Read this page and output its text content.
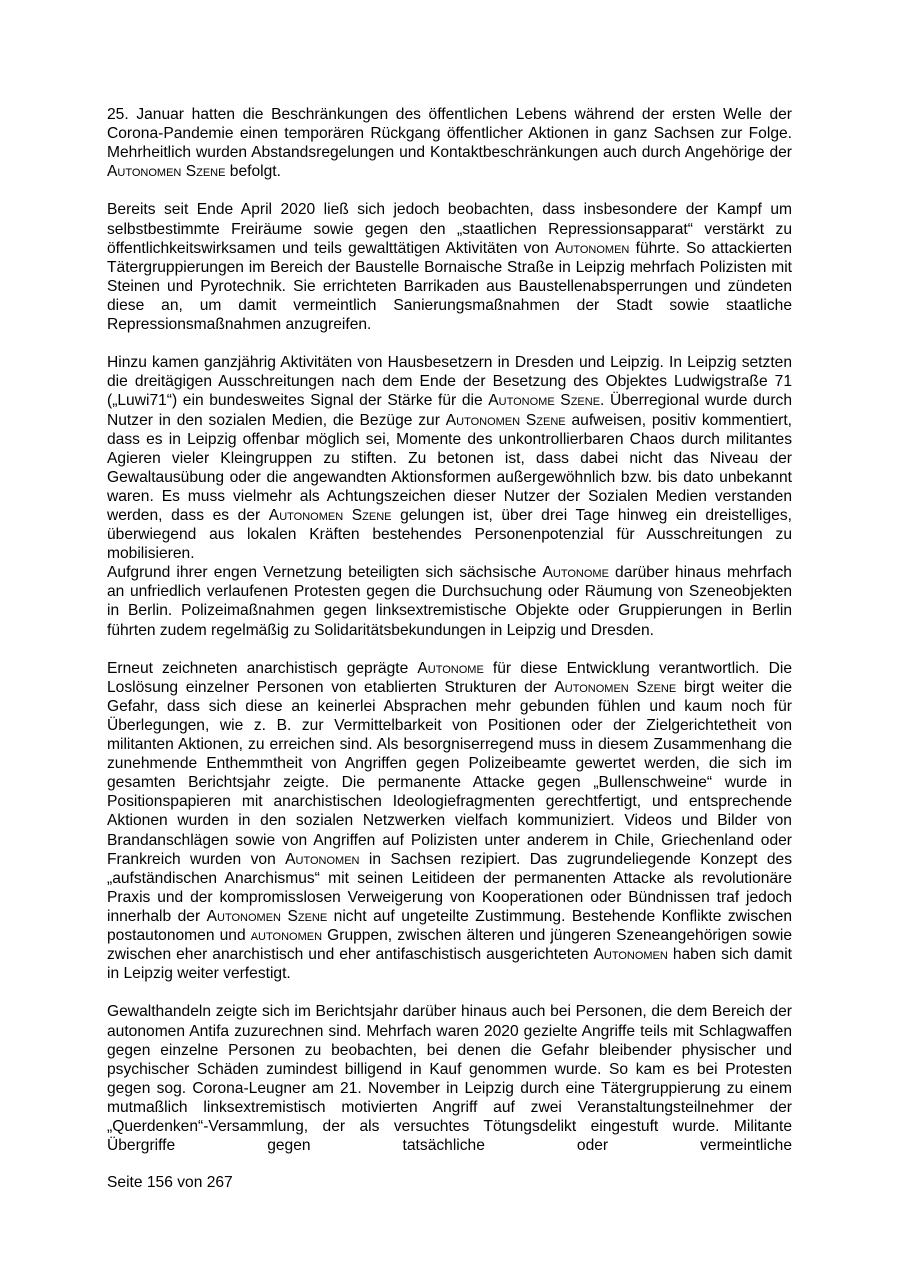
25. Januar hatten die Beschränkungen des öffentlichen Lebens während der ersten Welle der Corona-Pandemie einen temporären Rückgang öffentlicher Aktionen in ganz Sachsen zur Folge. Mehrheitlich wurden Abstandsregelungen und Kontaktbeschränkungen auch durch Angehörige der Autonomen Szene befolgt.

Bereits seit Ende April 2020 ließ sich jedoch beobachten, dass insbesondere der Kampf um selbstbestimmte Freiräume sowie gegen den „staatlichen Repressionsapparat“ verstärkt zu öffentlichkeitswirksamen und teils gewalttätigen Aktivitäten von Autonomen führte. So attackierten Tätergruppierungen im Bereich der Baustelle Bornaische Straße in Leipzig mehrfach Polizisten mit Steinen und Pyrotechnik. Sie errichteten Barrikaden aus Baustellenabsperrungen und zündeten diese an, um damit vermeintlich Sanierungsmaßnahmen der Stadt sowie staatliche Repressionsmaßnahmen anzugreifen.

Hinzu kamen ganzjährig Aktivitäten von Hausbesetzern in Dresden und Leipzig. In Leipzig setzten die dreitägigen Ausschreitungen nach dem Ende der Besetzung des Objektes Ludwigstraße 71 („Luwi71“) ein bundesweites Signal der Stärke für die Autonome Szene. Überregional wurde durch Nutzer in den sozialen Medien, die Bezüge zur Autonomen Szene aufweisen, positiv kommentiert, dass es in Leipzig offenbar möglich sei, Momente des unkontrollierbaren Chaos durch militantes Agieren vieler Kleingruppen zu stiften. Zu betonen ist, dass dabei nicht das Niveau der Gewaltausübung oder die angewandten Aktionsformen außergewöhnlich bzw. bis dato unbekannt waren. Es muss vielmehr als Achtungszeichen dieser Nutzer der Sozialen Medien verstanden werden, dass es der Autonomen Szene gelungen ist, über drei Tage hinweg ein dreistelliges, überwiegend aus lokalen Kräften bestehendes Personenpotenzial für Ausschreitungen zu mobilisieren.

Aufgrund ihrer engen Vernetzung beteiligten sich sächsische Autonome darüber hinaus mehrfach an unfriedlich verlaufenen Protesten gegen die Durchsuchung oder Räumung von Szeneobjekten in Berlin. Polizeimaßnahmen gegen linksextremistische Objekte oder Gruppierungen in Berlin führten zudem regelmäßig zu Solidaritätsbekundungen in Leipzig und Dresden.

Erneut zeichneten anarchistisch geprägte Autonome für diese Entwicklung verantwortlich. Die Loslösung einzelner Personen von etablierten Strukturen der Autonomen Szene birgt weiter die Gefahr, dass sich diese an keinerlei Absprachen mehr gebunden fühlen und kaum noch für Überlegungen, wie z. B. zur Vermittelbarkeit von Positionen oder der Zielgerichtetheit von militanten Aktionen, zu erreichen sind. Als besorgniserregend muss in diesem Zusammenhang die zunehmende Enthemmtheit von Angriffen gegen Polizeibeamte gewertet werden, die sich im gesamten Berichtsjahr zeigte. Die permanente Attacke gegen „Bullenschweine“ wurde in Positionspapieren mit anarchistischen Ideologiefragmenten gerechtfertigt, und entsprechende Aktionen wurden in den sozialen Netzwerken vielfach kommuniziert. Videos und Bilder von Brandanschlägen sowie von Angriffen auf Polizisten unter anderem in Chile, Griechenland oder Frankreich wurden von Autonomen in Sachsen rezipiert. Das zugrundeliegende Konzept des „aufständischen Anarchismus“ mit seinen Leitideen der permanenten Attacke als revolutionäre Praxis und der kompromisslosen Verweigerung von Kooperationen oder Bündnissen traf jedoch innerhalb der Autonomen Szene nicht auf ungeteilte Zustimmung. Bestehende Konflikte zwischen postautonomen und autonomen Gruppen, zwischen älteren und jüngeren Szeneangehörigen sowie zwischen eher anarchistisch und eher antifaschistisch ausgerichteten Autonomen haben sich damit in Leipzig weiter verfestigt.

Gewalthandeln zeigte sich im Berichtsjahr darüber hinaus auch bei Personen, die dem Bereich der autonomen Antifa zuzurechnen sind. Mehrfach waren 2020 gezielte Angriffe teils mit Schlagwaffen gegen einzelne Personen zu beobachten, bei denen die Gefahr bleibender physischer und psychischer Schäden zumindest billigend in Kauf genommen wurde. So kam es bei Protesten gegen sog. Corona-Leugner am 21. November in Leipzig durch eine Tätergruppierung zu einem mutmaßlich linksextremistisch motivierten Angriff auf zwei Veranstaltungsteilnehmer der „Querdenken“-Versammlung, der als versuchtes Tötungsdelikt eingestuft wurde. Militante Übergriffe gegen tatsächliche oder vermeintliche

Seite 156 von 267
